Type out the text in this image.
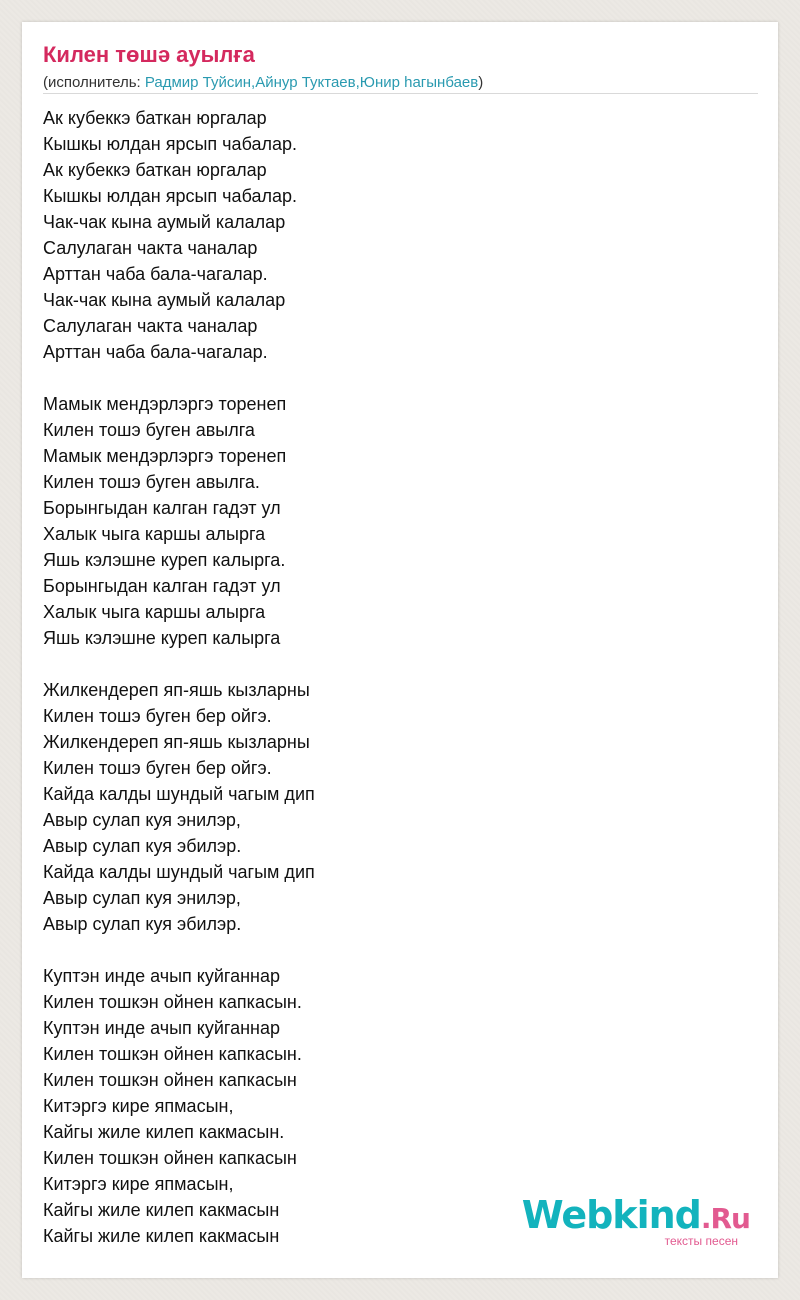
Килен төшә ауылға
(исполнитель: Радмир Туйсин,Айнур Туктаев,Юнир hагынбаев)
Ак кубеккэ баткан юргалар
Кышкы юлдан ярсып чабалар.
Ак кубеккэ баткан юргалар
Кышкы юлдан ярсып чабалар.
Чак-чак кына аумый калалар
Салулаган чакта чаналар
Арттан чаба бала-чагалар.
Чак-чак кына аумый калалар
Салулаган чакта чаналар
Арттан чаба бала-чагалар.
Мамык мендэрлэргэ торенеп
Килен тошэ буген авылга
Мамык мендэрлэргэ торенеп
Килен тошэ буген авылга.
Борынгыдан калган гадэт ул
Халык чыга каршы алырга
Яшь кэлэшне куреп калырга.
Борынгыдан калган гадэт ул
Халык чыга каршы алырга
Яшь кэлэшне куреп калырга
Жилкендереп яп-яшь кызларны
Килен тошэ буген бер ойгэ.
Жилкендереп яп-яшь кызларны
Килен тошэ буген бер ойгэ.
Кайда калды шундый чагым дип
Авыр сулап куя энилэр,
Авыр сулап куя эбилэр.
Кайда калды шундый чагым дип
Авыр сулап куя энилэр,
Авыр сулап куя эбилэр.
Куптэн инде ачып куйганнар
Килен тошкэн ойнен капкасын.
Куптэн инде ачып куйганнар
Килен тошкэн ойнен капкасын.
Килен тошкэн ойнен капкасын
Китэргэ кире япмасын,
Кайгы жиле килеп какмасын.
Килен тошкэн ойнен капкасын
Китэргэ кире япмасын,
Кайгы жиле килеп какмасын
Кайгы жиле килеп какмасын	Webkind.Ru
тексты песен
